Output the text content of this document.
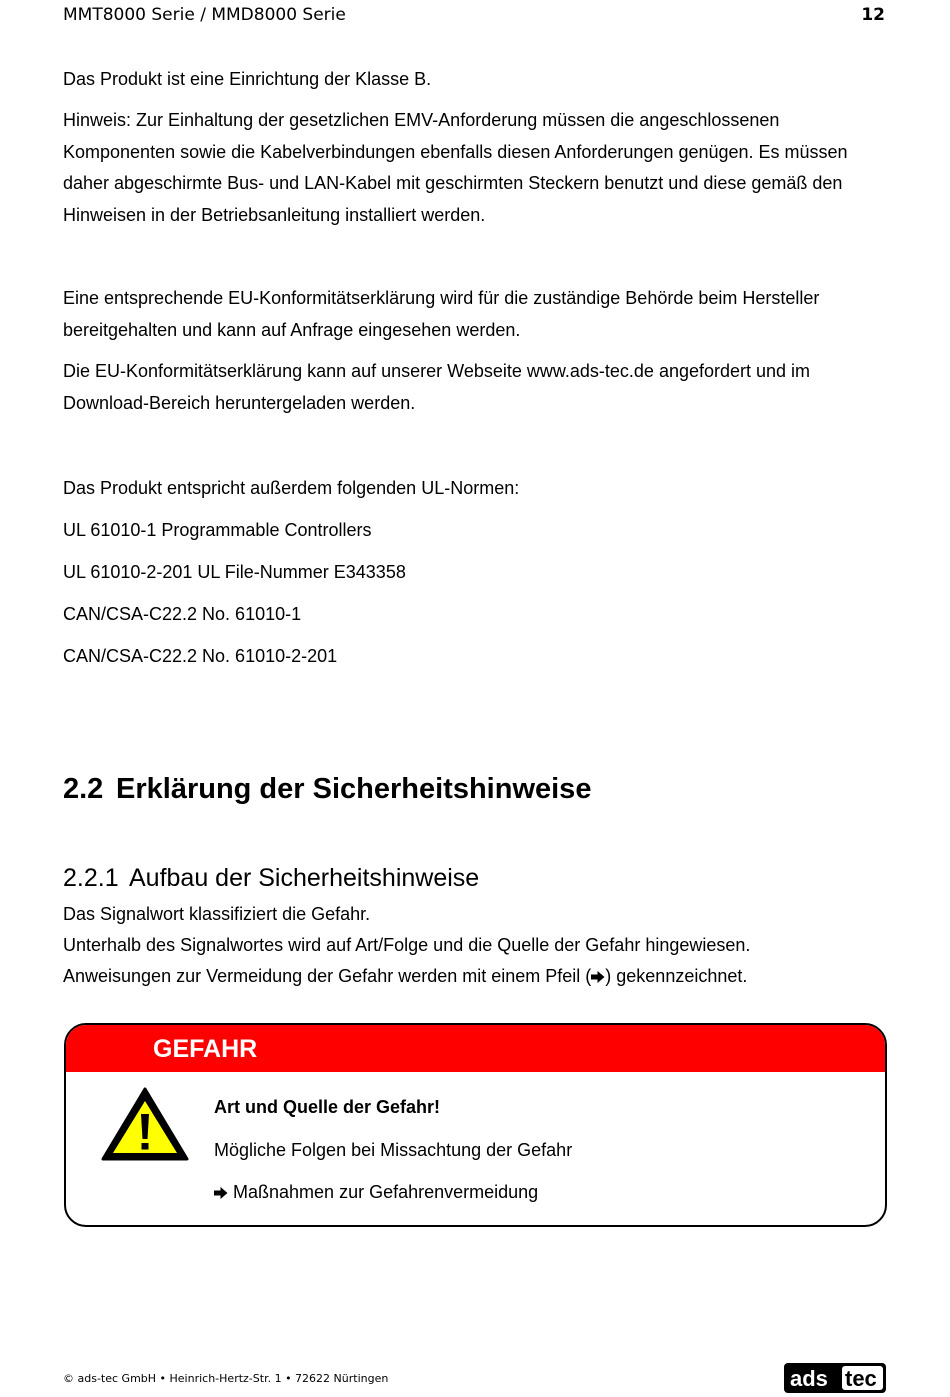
MMT8000 Serie / MMD8000 Serie	12
Das Produkt ist eine Einrichtung der Klasse B.
Hinweis: Zur Einhaltung der gesetzlichen EMV-Anforderung müssen die angeschlossenen Komponenten sowie die Kabelverbindungen ebenfalls diesen Anforderungen genügen. Es müssen daher abgeschirmte Bus- und LAN-Kabel mit geschirmten Steckern benutzt und diese gemäß den Hinweisen in der Betriebsanleitung installiert werden.
Eine entsprechende EU-Konformitätserklärung wird für die zuständige Behörde beim Hersteller bereitgehalten und kann auf Anfrage eingesehen werden.
Die EU-Konformitätserklärung kann auf unserer Webseite www.ads-tec.de angefordert und im Download-Bereich heruntergeladen werden.
Das Produkt entspricht außerdem folgenden UL-Normen:
UL 61010-1 Programmable Controllers
UL 61010-2-201 UL File-Nummer E343358
CAN/CSA-C22.2 No. 61010-1
CAN/CSA-C22.2 No. 61010-2-201
2.2 Erklärung der Sicherheitshinweise
2.2.1 Aufbau der Sicherheitshinweise
Das Signalwort klassifiziert die Gefahr.
Unterhalb des Signalwortes wird auf Art/Folge und die Quelle der Gefahr hingewiesen.
Anweisungen zur Vermeidung der Gefahr werden mit einem Pfeil ( ) gekennzeichnet.
GEFAHR
Art und Quelle der Gefahr!
Mögliche Folgen bei Missachtung der Gefahr
Maßnahmen zur Gefahrenvermeidung
© ads-tec GmbH • Heinrich-Hertz-Str. 1 • 72622 Nürtingen	ads tec
